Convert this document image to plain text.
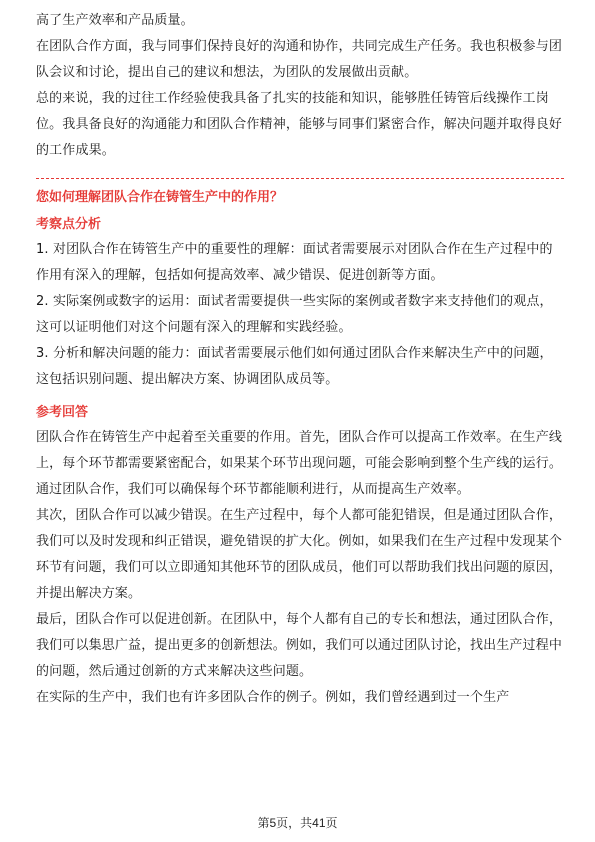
高了生产效率和产品质量。

在团队合作方面，我与同事们保持良好的沟通和协作，共同完成生产任务。我也积极参与团队会议和讨论，提出自己的建议和想法，为团队的发展做出贡献。

总的来说，我的过往工作经验使我具备了扎实的技能和知识，能够胜任铸管后线操作工岗位。我具备良好的沟通能力和团队合作精神，能够与同事们紧密合作，解决问题并取得良好的工作成果。

您如何理解团队合作在铸管生产中的作用？

考察点分析

1. 对团队合作在铸管生产中的重要性的理解：面试者需要展示对团队合作在生产过程中的作用有深入的理解，包括如何提高效率、减少错误、促进创新等方面。

2. 实际案例或数字的运用：面试者需要提供一些实际的案例或者数字来支持他们的观点，这可以证明他们对这个问题有深入的理解和实践经验。

3. 分析和解决问题的能力：面试者需要展示他们如何通过团队合作来解决生产中的问题，这包括识别问题、提出解决方案、协调团队成员等。

参考回答

团队合作在铸管生产中起着至关重要的作用。首先，团队合作可以提高工作效率。在生产线上，每个环节都需要紧密配合，如果某个环节出现问题，可能会影响到整个生产线的运行。通过团队合作，我们可以确保每个环节都能顺利进行，从而提高生产效率。

其次，团队合作可以减少错误。在生产过程中，每个人都可能犯错误，但是通过团队合作，我们可以及时发现和纠正错误，避免错误的扩大化。例如，如果我们在生产过程中发现某个环节有问题，我们可以立即通知其他环节的团队成员，他们可以帮助我们找出问题的原因，并提出解决方案。

最后，团队合作可以促进创新。在团队中，每个人都有自己的专长和想法，通过团队合作，我们可以集思广益，提出更多的创新想法。例如，我们可以通过团队讨论，找出生产过程中的问题，然后通过创新的方式来解决这些问题。

在实际的生产中，我们也有许多团队合作的例子。例如，我们曾经遇到过一个生产

第5页，共41页
